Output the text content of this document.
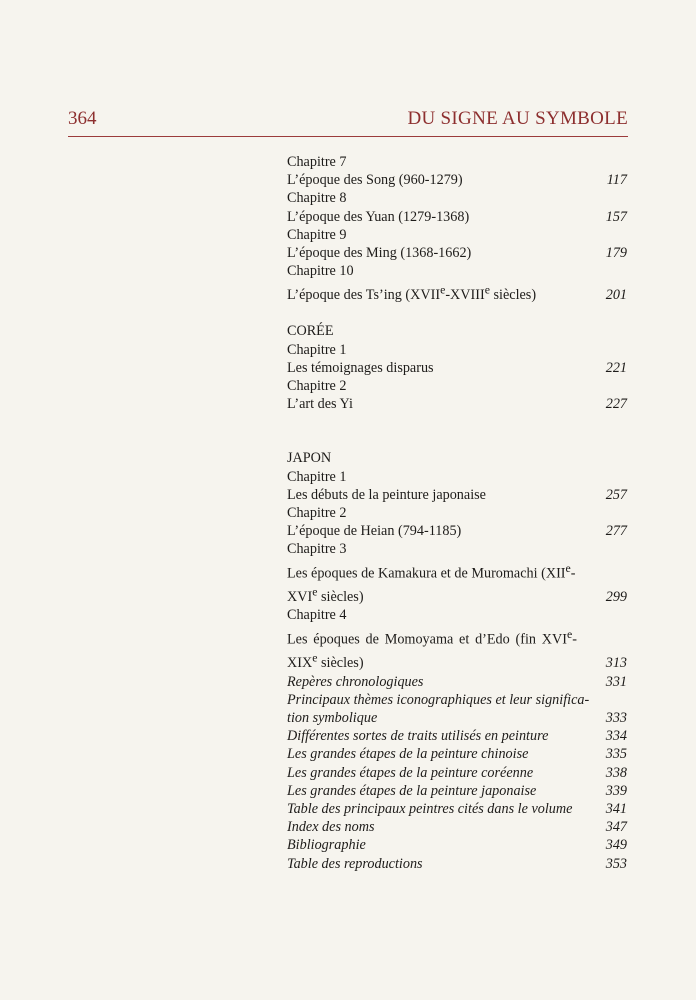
364	DU SIGNE AU SYMBOLE
Chapitre 7
L’époque des Song (960-1279)	117
Chapitre 8
L’époque des Yuan (1279-1368)	157
Chapitre 9
L’époque des Ming (1368-1662)	179
Chapitre 10
L’époque des Ts’ing (XVIIe-XVIIIe siècles)	201
CORÉE
Chapitre 1
Les témoignages disparus	221
Chapitre 2
L’art des Yi	227
JAPON
Chapitre 1
Les débuts de la peinture japonaise	257
Chapitre 2
L’époque de Heian (794-1185)	277
Chapitre 3
Les époques de Kamakura et de Muromachi (XIIe-
XVIe siècles)	299
Chapitre 4
Les époques de Momoyama et d’Edo (fin XVIe-
XIXe siècles)	313
Repères chronologiques	331
Principaux thèmes iconographiques et leur significa-
tion symbolique	333
Différentes sortes de traits utilisés en peinture	334
Les grandes étapes de la peinture chinoise	335
Les grandes étapes de la peinture coréenne	338
Les grandes étapes de la peinture japonaise	339
Table des principaux peintres cités dans le volume 341
Index des noms	347
Bibliographie	349
Table des reproductions	353
